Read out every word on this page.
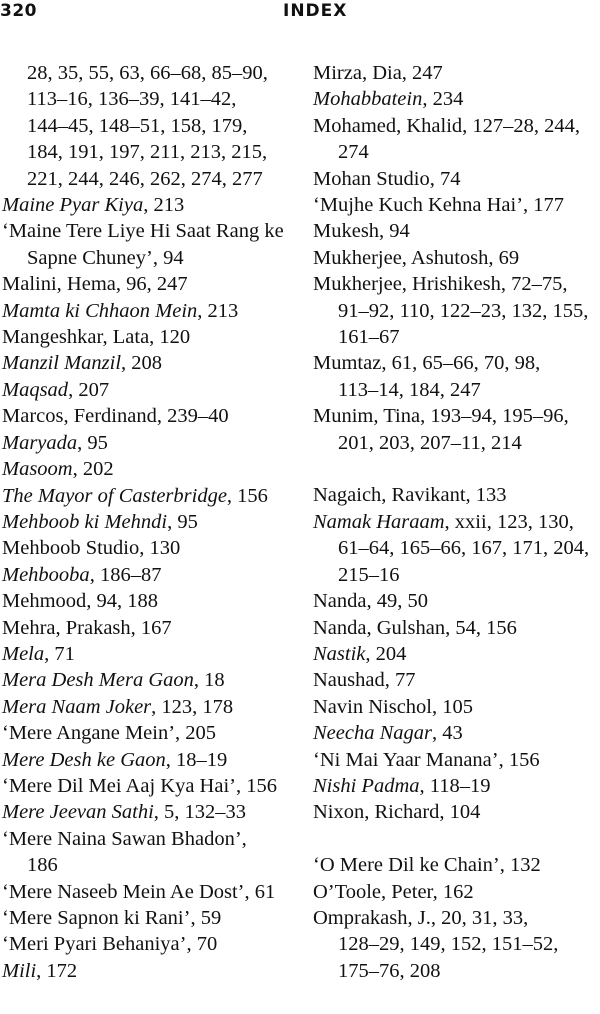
320	INDEX
28, 35, 55, 63, 66–68, 85–90,
113–16, 136–39, 141–42,
144–45, 148–51, 158, 179,
184, 191, 197, 211, 213, 215,
221, 244, 246, 262, 274, 277
Maine Pyar Kiya, 213
‘Maine Tere Liye Hi Saat Rang ke
Sapne Chuney’, 94
Malini, Hema, 96, 247
Mamta ki Chhaon Mein, 213
Mangeshkar, Lata, 120
Manzil Manzil, 208
Maqsad, 207
Marcos, Ferdinand, 239–40
Maryada, 95
Masoom, 202
The Mayor of Casterbridge, 156
Mehboob ki Mehndi, 95
Mehboob Studio, 130
Mehbooba, 186–87
Mehmood, 94, 188
Mehra, Prakash, 167
Mela, 71
Mera Desh Mera Gaon, 18
Mera Naam Joker, 123, 178
‘Mere Angane Mein’, 205
Mere Desh ke Gaon, 18–19
‘Mere Dil Mei Aaj Kya Hai’, 156
Mere Jeevan Sathi, 5, 132–33
‘Mere Naina Sawan Bhadon’,
186
‘Mere Naseeb Mein Ae Dost’, 61
‘Mere Sapnon ki Rani’, 59
‘Meri Pyari Behaniya’, 70
Mili, 172
Mirza, Dia, 247
Mohabbatein, 234
Mohamed, Khalid, 127–28, 244,
274
Mohan Studio, 74
‘Mujhe Kuch Kehna Hai’, 177
Mukesh, 94
Mukherjee, Ashutosh, 69
Mukherjee, Hrishikesh, 72–75,
91–92, 110, 122–23, 132, 155,
161–67
Mumtaz, 61, 65–66, 70, 98,
113–14, 184, 247
Munim, Tina, 193–94, 195–96,
201, 203, 207–11, 214
Nagaich, Ravikant, 133
Namak Haraam, xxii, 123, 130,
61–64, 165–66, 167, 171, 204,
215–16
Nanda, 49, 50
Nanda, Gulshan, 54, 156
Nastik, 204
Naushad, 77
Navin Nischol, 105
Neecha Nagar, 43
‘Ni Mai Yaar Manana’, 156
Nishi Padma, 118–19
Nixon, Richard, 104
‘O Mere Dil ke Chain’, 132
O’Toole, Peter, 162
Omprakash, J., 20, 31, 33,
128–29, 149, 152, 151–52,
175–76, 208
